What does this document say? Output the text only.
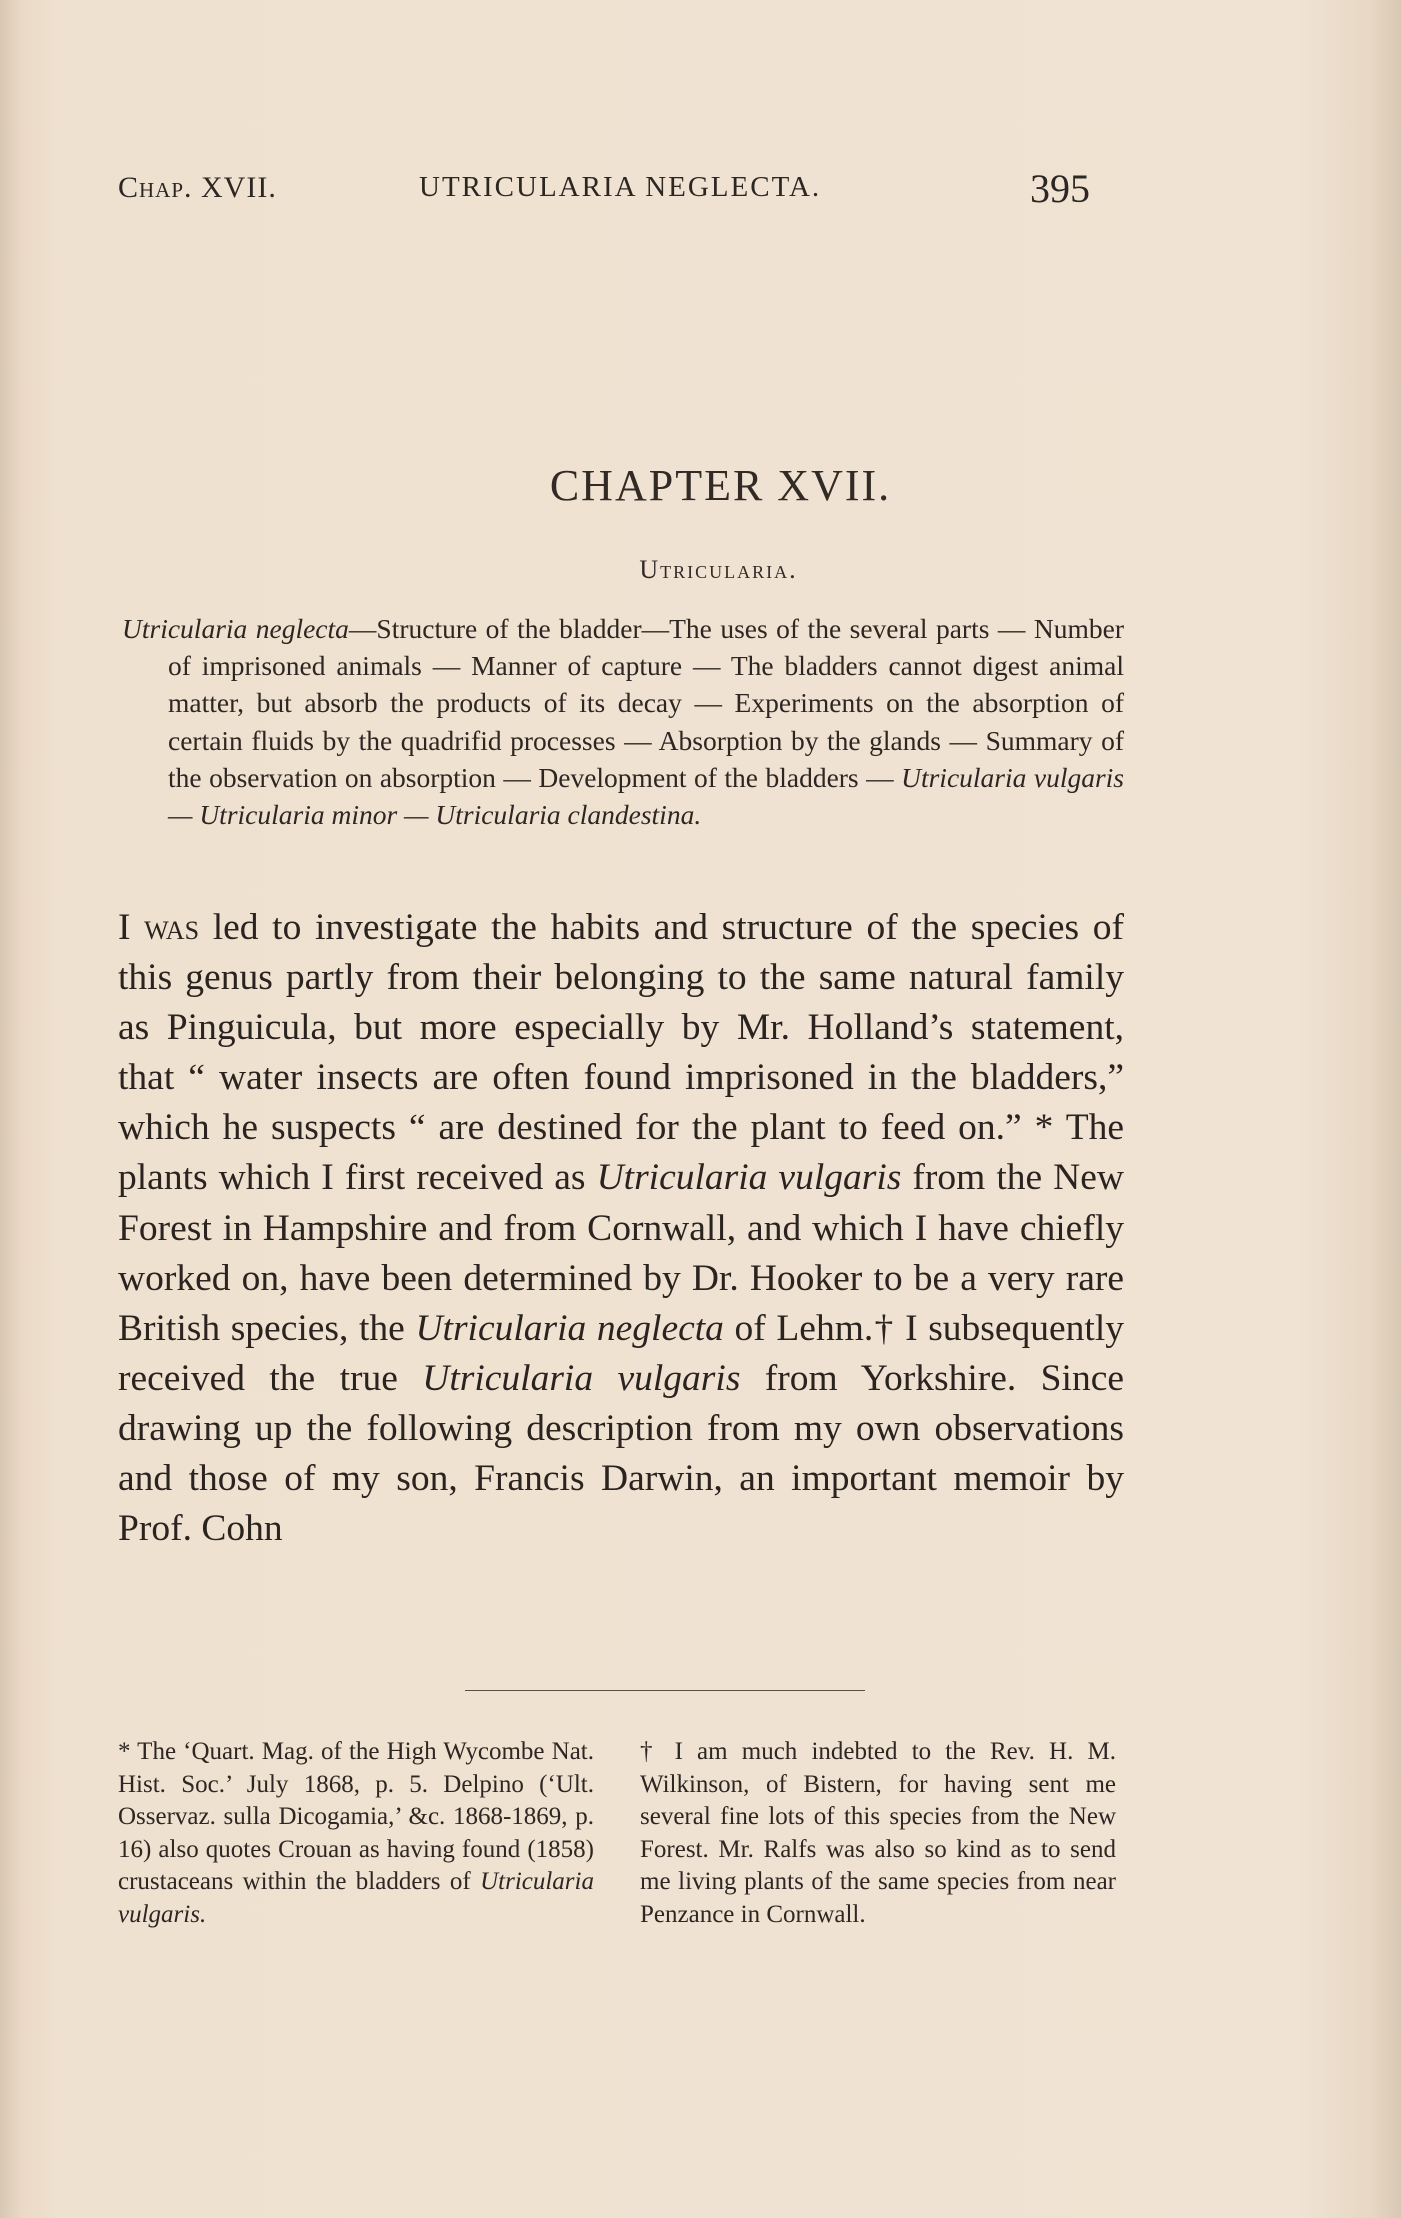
Chap. XVII.	UTRICULARIA NEGLECTA.	395
CHAPTER XVII.
Utricularia.

Utricularia neglecta—Structure of the bladder—The uses of the several parts — Number of imprisoned animals — Manner of capture — The bladders cannot digest animal matter, but absorb the products of its decay — Experiments on the absorption of certain fluids by the quadrifid processes — Absorption by the glands — Summary of the observation on absorption — Development of the bladders — Utricularia vulgaris — Utricularia minor — Utricularia clandestina.

I was led to investigate the habits and structure of the species of this genus partly from their belonging to the same natural family as Pinguicula, but more especially by Mr. Holland’s statement, that “ water insects are often found imprisoned in the bladders,” which he suspects “ are destined for the plant to feed on.” * The plants which I first received as Utricularia vulgaris from the New Forest in Hampshire and from Cornwall, and which I have chiefly worked on, have been determined by Dr. Hooker to be a very rare British species, the Utricularia neglecta of Lehm.† I subsequently received the true Utricularia vulgaris from Yorkshire. Since drawing up the following description from my own observations and those of my son, Francis Darwin, an important memoir by Prof. Cohn

* The ‘Quart. Mag. of the High Wycombe Nat. Hist. Soc.’ July 1868, p. 5. Delpino (‘Ult. Osservaz. sulla Dicogamia,’ &c. 1868-1869, p. 16) also quotes Crouan as having found (1858) crustaceans within the bladders of Utricularia vulgaris.
† I am much indebted to the Rev. H. M. Wilkinson, of Bistern, for having sent me several fine lots of this species from the New Forest. Mr. Ralfs was also so kind as to send me living plants of the same species from near Penzance in Cornwall.
